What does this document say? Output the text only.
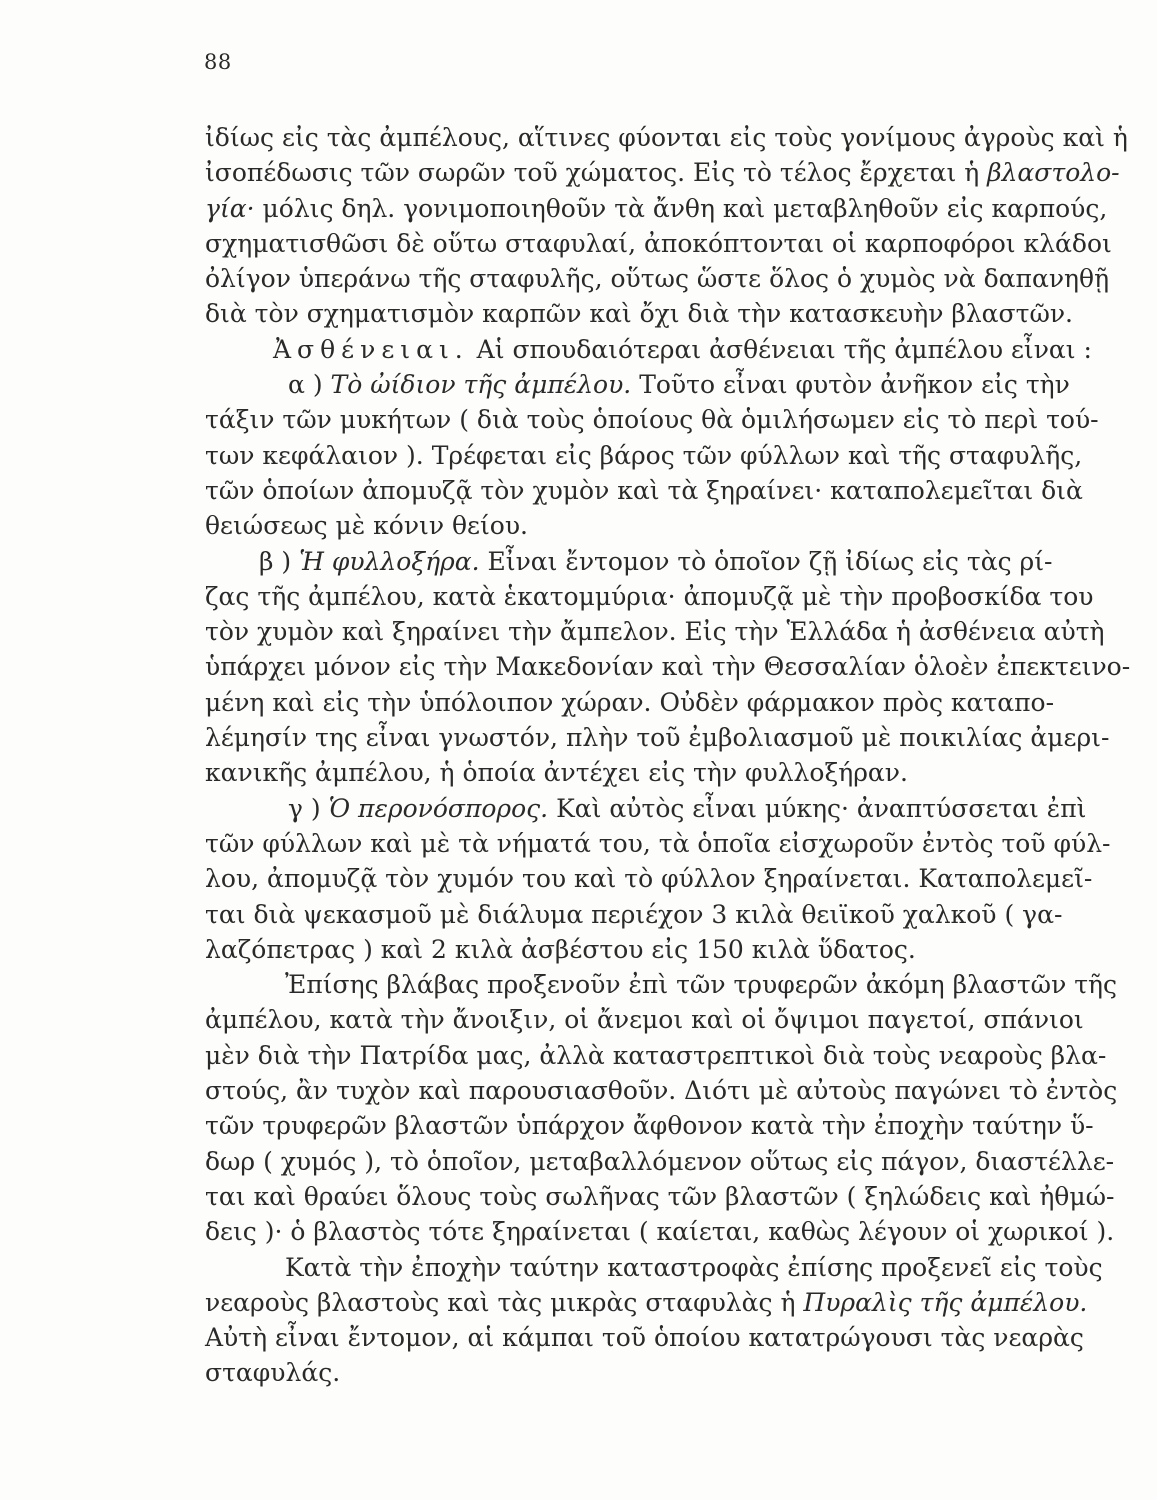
88
ἰδίως εἰς τὰς ἀμπέλους, αἵτινες φύονται εἰς τοὺς γονίμους ἀγροὺς καὶ ἡ
ἰσοπέδωσις τῶν σωρῶν τοῦ χώματος. Εἰς τὸ τέλος ἔρχεται ἡ βλαστολο-
γία· μόλις δηλ. γονιμοποιηθοῦν τὰ ἄνθη καὶ μεταβληθοῦν εἰς καρπούς,
σχηματισθῶσι δὲ οὕτω σταφυλαί, ἀποκόπτονται οἱ καρποφόροι κλάδοι
ὀλίγον ὑπεράνω τῆς σταφυλῆς, οὕτως ὥστε ὅλος ὁ χυμὸς νὰ δαπανηθῇ
διὰ τὸν σχηματισμὸν καρπῶν καὶ ὄχι διὰ τὴν κατασκευὴν βλαστῶν.
Ἀσθένειαι. Αἱ σπουδαιότεραι ἀσθένειαι τῆς ἀμπέλου εἶναι :
α ) Τὸ ὠίδιον τῆς ἀμπέλου. Τοῦτο εἶναι φυτὸν ἀνῆκον εἰς τὴν
τάξιν τῶν μυκήτων ( διὰ τοὺς ὁποίους θὰ ὁμιλήσωμεν εἰς τὸ περὶ τού-
των κεφάλαιον ). Τρέφεται εἰς βάρος τῶν φύλλων καὶ τῆς σταφυλῆς,
τῶν ὁποίων ἀπομυζᾷ τὸν χυμὸν καὶ τὰ ξηραίνει· καταπολεμεῖται διὰ
θειώσεως μὲ κόνιν θείου.
β ) Ἡ φυλλοξήρα. Εἶναι ἔντομον τὸ ὁποῖον ζῇ ἰδίως εἰς τὰς ρί-
ζας τῆς ἀμπέλου, κατὰ ἑκατομμύρια· ἀπομυζᾷ μὲ τὴν προβοσκίδα του
τὸν χυμὸν καὶ ξηραίνει τὴν ἄμπελον. Εἰς τὴν Ἑλλάδα ἡ ἀσθένεια αὐτὴ
ὑπάρχει μόνον εἰς τὴν Μακεδονίαν καὶ τὴν Θεσσαλίαν ὁλοὲν ἐπεκτεινο-
μένη καὶ εἰς τὴν ὑπόλοιπον χώραν. Οὐδὲν φάρμακον πρὸς καταπο-
λέμησίν της εἶναι γνωστόν, πλὴν τοῦ ἐμβολιασμοῦ μὲ ποικιλίας ἀμερι-
κανικῆς ἀμπέλου, ἡ ὁποία ἀντέχει εἰς τὴν φυλλοξήραν.
γ ) Ὁ περονόσπορος. Καὶ αὐτὸς εἶναι μύκης· ἀναπτύσσεται ἐπὶ
τῶν φύλλων καὶ μὲ τὰ νήματά του, τὰ ὁποῖα εἰσχωροῦν ἐντὸς τοῦ φύλ-
λου, ἀπομυζᾷ τὸν χυμόν του καὶ τὸ φύλλον ξηραίνεται. Καταπολεμεῖ-
ται διὰ ψεκασμοῦ μὲ διάλυμα περιέχον 3 κιλὰ θειϊκοῦ χαλκοῦ ( γα-
λαζόπετρας ) καὶ 2 κιλὰ ἀσβέστου εἰς 150 κιλὰ ὕδατος.
Ἐπίσης βλάβας προξενοῦν ἐπὶ τῶν τρυφερῶν ἀκόμη βλαστῶν τῆς
ἀμπέλου, κατὰ τὴν ἄνοιξιν, οἱ ἄνεμοι καὶ οἱ ὄψιμοι παγετοί, σπάνιοι
μὲν διὰ τὴν Πατρίδα μας, ἀλλὰ καταστρεπτικοὶ διὰ τοὺς νεαροὺς βλα-
στούς, ἂν τυχὸν καὶ παρουσιασθοῦν. Διότι μὲ αὐτοὺς παγώνει τὸ ἐντὸς
τῶν τρυφερῶν βλαστῶν ὑπάρχον ἄφθονον κατὰ τὴν ἐποχὴν ταύτην ὕ-
δωρ ( χυμός ), τὸ ὁποῖον, μεταβαλλόμενον οὕτως εἰς πάγον, διαστέλλε-
ται καὶ θραύει ὅλους τοὺς σωλῆνας τῶν βλαστῶν ( ξηλώδεις καὶ ἠθμώ-
δεις )· ὁ βλαστὸς τότε ξηραίνεται ( καίεται, καθὼς λέγουν οἱ χωρικοί ).
Κατὰ τὴν ἐποχὴν ταύτην καταστροφὰς ἐπίσης προξενεῖ εἰς τοὺς
νεαροὺς βλαστοὺς καὶ τὰς μικρὰς σταφυλὰς ἡ Πυραλὶς τῆς ἀμπέλου.
Αὐτὴ εἶναι ἔντομον, αἱ κάμπαι τοῦ ὁποίου κατατρώγουσι τὰς νεαρὰς
σταφυλάς.
